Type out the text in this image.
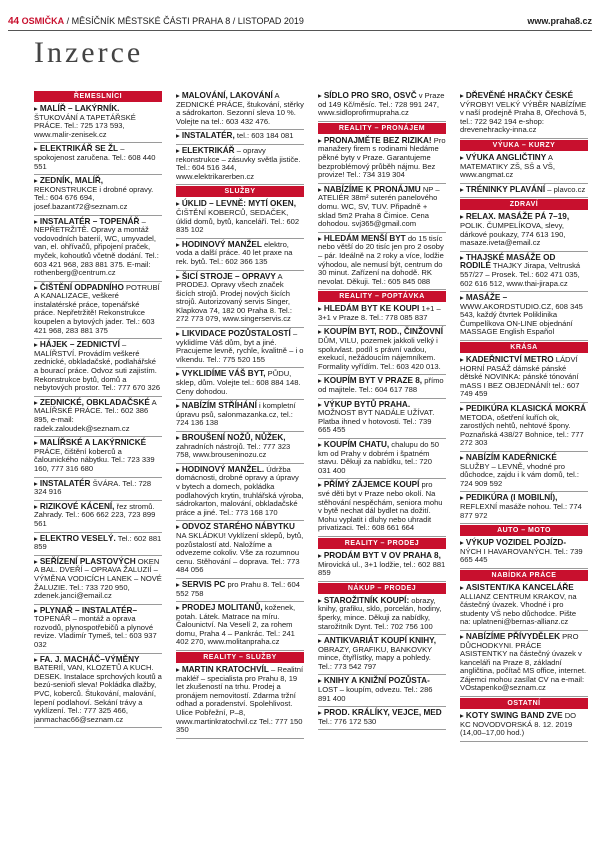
44 OSMIČKA / MĚSÍČNÍK MĚSTSKÉ ČÁSTI PRAHA 8 / LISTOPAD 2019	www.praha8.cz
Inzerce
ŘEMESLNÍCI
▸ MALÍŘ – LAKÝRNÍK. ŠTUKOVÁNÍ A TAPETÁŘSKÉ PRÁCE. Tel.: 725 173 593, www.malir-zenisek.cz
▸ ELEKTRIKÁŘ SE ŽL – spokojenost zaručena. Tel.: 608 440 551
▸ ZEDNÍK, MALÍŘ, REKONSTRUKCE i drobné opravy. Tel.: 604 676 694, josef.bazant72@seznam.cz
▸ INSTALATÉR – TOPENÁŘ – NEPŘETRŽITĚ. Opravy a montáž vodovodních baterií, WC, umyvadel, van, el. ohřívačů, připojení praček, myček, kohoutků včetně dodání. Tel.: 603 421 968, 283 881 375. E-mail: rothenberg@centrum.cz
▸ ČIŠTĚNÍ ODPADNÍHO POTRUBÍ A KANALIZACE, veškeré instalatérské práce, topenářské práce. Nepřetržitě! Rekonstrukce koupelen a bytových jader. Tel.: 603 421 968, 283 881 375
▸ HÁJEK – ZEDNICTVÍ – MALÍŘSTVÍ. Provádím veškeré zednické, obkladačské, podlahářské a bourací práce. Odvoz suti zajistím. Rekonstrukce bytů, domů a nebytových prostor. Tel.: 777 670 326
▸ ZEDNICKÉ, OBKLADAČSKÉ A MALÍŘSKÉ PRÁCE. Tel.: 602 386 895, e-mail: radek.zaloudek@seznam.cz
▸ MALÍŘSKÉ A LAKÝRNICKÉ PRÁCE, čištění koberců a čalounického nábytku. Tel.: 723 339 160, 777 316 680
▸ INSTALATÉR ŠVÁRA. Tel.: 728 324 916
▸ RIZIKOVÉ KÁCENÍ, řez stromů. Zahrady. Tel.: 606 662 223, 723 899 561
▸ ELEKTRO VESELÝ. Tel.: 602 881 859
▸ SEŘÍZENÍ PLASTOVÝCH OKEN A BAL. DVEŘÍ – OPRAVA ŽALUZIÍ – VÝMĚNA VODICÍCH LANEK – NOVÉ ŽALUZIE. Tel.: 733 720 950, zdenek.janci@email.cz
▸ PLYNAŘ – INSTALATÉR– TOPENÁŘ – montáž a oprava rozvodů, plynospotřebičů a plynové revize. Vladimír Tymeš, tel.: 603 937 032
▸ FA. J. MACHÁČ–VÝMĚNY BATERIÍ, VAN, KLOZETŮ A KUCH. DESEK. Instalace sprchových koutů a bezú-senioři sleva! Pokládka dlažby, PVC, koberců. Štukování, malování, lepení podlahoví. Sekání trávy a vyklízení. Tel.: 777 325 466, janmachac66@seznam.cz
▸ MALOVÁNÍ, LAKOVÁNÍ A ZEDNICKÉ PRÁCE, štukování, stěrky a sádrokarton. Sezonní sleva 10 %. Volejte na tel.: 603 432 476.
▸ INSTALATÉR, tel.: 603 184 081
▸ ELEKTRIKÁŘ – opravy rekonstrukce – zásuvky světla jističe. Tel.: 604 516 344, www.elektrikarerben.cz
SLUŽBY
▸ ÚKLID – LEVNĚ: MYTÍ OKEN, ČIŠTĚNÍ KOBERCŮ, SEDAČEK, úklid domů, bytů, kanceláří. Tel.: 602 835 102
▸ HODINOVÝ MANŽEL elektro, voda a další práce. 40 let praxe na rek. bytů. Tel.: 602 366 135
▸ ŠICÍ STROJE – OPRAVY A PRODEJ. Opravy všech značek šicích strojů. Prodej nových šicích strojů. Autorizovaný servis Singer, Klapkova 74, 182 00 Praha 8. Tel.: 272 773 079, www.singerservis.cz
▸ LIKVIDACE POZŮSTALOSTÍ – vyklidíme Váš dům, byt a jiné. Pracujeme levně, rychle, kvalitně – i o víkendu. Tel.: 775 520 155
▸ VYKLIDÍME VÁŠ BYT, PŮDU, sklep, dům. Volejte tel.: 608 884 148. Ceny dohodou.
▸ NABÍZÍM STŘÍHÁNÍ i kompletní úpravu psů, salonmazanka.cz, tel.: 724 136 138
▸ BROUŠENÍ NOŽŮ, NŮŽEK, zahradních nástrojů. Tel.: 777 323 758, www.brouseninozu.cz
▸ HODINOVÝ MANŽEL. Údržba domácnosti, drobné opravy a úpravy v bytech a domech, pokládka podlahových krytin, truhlářská výroba, sádrokarton, malování, obkladačské práce a jiné. Tel.: 773 168 170
▸ ODVOZ STARÉHO NÁBYTKU NA SKLÁDKU! Vyklízení sklepů, bytů, pozůstalostí atd. Naložíme a odvezeme cokoliv. Vše za rozumnou cenu. Stěhování – doprava. Tel.: 773 484 056
▸ SERVIS PC pro Prahu 8. Tel.: 604 552 758
▸ PRODEJ MOLITANŮ, koženek, potah. Látek. Matrace na míru. Čalounictví. Na Veselí 2, za rohem domu, Praha 4 – Pankrác. Tel.: 241 402 270, www.molitanpraha.cz
REALITY – SLUŽBY
▸ MARTIN KRATOCHVÍL – Realitní makléř – specialista pro Prahu 8, 19 let zkušeností na trhu. Prodej a pronájem nemovitostí. Zdarma tržní odhad a poradenství. Spolehlivost. Ulice Pobřežní, P–8, www.martinkratochvil.cz Tel.: 777 150 350
▸ SÍDLO PRO SRO, OSVČ v Praze od 149 Kč/měsíc. Tel.: 728 991 247, www.sidloprofirmupraha.cz
REALITY – PRONÁJEM
▸ PRONAJMĚTE BEZ RIZIKA! Pro manažery firem s rodinami hledáme pěkné byty v Praze. Garantujeme bezproblémový průběh nájmu. Bez provize! Tel.: 734 319 304
▸ NABÍZÍME K PRONÁJMU NP – ATELIÉR 38m² suterén panelového domu. WC, SV, TUV. Připadně + sklad 5m2 Praha 8 Čimice. Cena dohodou. svj365@gmail.com
▸ HLEDÁM MENŠÍ BYT do 15 tisíc nebo větší do 20 tisíc jen pro 2 osoby – pár. Ideálně na 2 roky a více, lodžie výhodou, ale nemusí být, centrum do 30 minut. Zařízení na dohodě. RK nevolat. Děkuji. Tel.: 605 845 088
REALITY – POPTÁVKA
▸ HLEDÁM BYT KE KOUPI 1+1 – 3+1 v Praze 8. Tel.: 778 085 837
▸ KOUPÍM BYT, ROD., ČINŽOVNÍ DŮM, VILU, pozemek jakkoli velký i spoluvlast. podíl s právní vadou, exekucí, nežádoucím nájemníkem. Formality vyřídím. Tel.: 603 420 013.
▸ KOUPÍM BYT V PRAZE 8, přímo od majitele. Tel.: 604 617 788
▸ VÝKUP BYTŮ PRAHA. MOŽNOST BYT NADÁLE UŽÍVAT. Platba ihned v hotovosti. Tel.: 739 665 455
▸ KOUPÍM CHATU, chalupu do 50 km od Prahy v dobrém i špatném stavu. Děkuji za nabídku, tel.: 720 031 400
▸ PŘÍMÝ ZÁJEMCE KOUPÍ pro své děti byt v Praze nebo okolí. Na stěhování nespěchám, seniora mohu v bytě nechat dál bydlet na dožití. Mohu vyplatit i dluhy nebo uhradit privatizaci. Tel.: 608 661 664
REALITY – PRODEJ
▸ PRODÁM BYT V OV PRAHA 8, Mirovická ul., 3+1 lodžie, tel.: 602 881 859
NÁKUP – PRODEJ
▸ STAROŽITNÍK KOUPÍ: obrazy, knihy, grafiku, sklo, porcelán, hodiny, šperky, mince. Děkuji za nabídky, starožitník Dynt. Tel.: 702 756 100
▸ ANTIKVARIÁT KOUPÍ KNIHY, OBRAZY, GRAFIKU, BANKOVKY mince, čtyřlístky, mapy a pohledy. Tel.: 773 542 797
▸ KNIHY A KNIŽNÍ POZŮSTA- LOST – koupím, odvezu. Tel.: 286 891 400
▸ PROD. KRÁLÍKY, VEJCE, MED Tel.: 776 172 530
▸ DŘEVĚNÉ HRAČKY ČESKÉ VÝROBY! VELKÝ VÝBĚR NABÍZÍME v naší prodejně Praha 8, Ořechová 5, tel.: 722 942 194 e-shop: drevenehracky-inna.cz
VÝUKA – KURZY
▸ VÝUKA ANGLIČTINY A MATEMATIKY ZŠ, SŠ a VŠ, www.angmat.cz
▸ TRÉNINKY PLAVÁNÍ – plavco.cz
ZDRAVÍ
▸ RELAX. MASÁŽE PÁ 7–19, POLIK. ČUMPELÍKOVA, slevy, dárkové poukazy, 774 613 190, masaze.iveta@email.cz
▸ THAJSKÉ MASÁŽE OD RODILÉ THAJKY Jirapa, Veltruská 557/27 – Prosek. Tel.: 602 471 035, 602 616 512, www.thai-jirapa.cz
▸ MASÁŽE – WWW.AKORDSTUDIO.CZ, 608 345 543, každý čtvrtek Poliklinika Čumpelíkova ON-LINE objednání MASSAGE English Español
KRÁSA
▸ KADEŘNICTVÍ METRO LÁDVÍ HORNÍ PASÁŽ dámské pánské dětské NOVINKA: pánské tónování mASS I BEZ OBJEDNÁNÍ! tel.: 607 749 459
▸ PEDIKÚRA KLASICKÁ MOKRÁ METODA, ošetření kuřích ok, zarostlých nehtů, nehtové špony. Poznaňská 438/27 Bohnice, tel.: 777 272 303
▸ NABÍZÍM KADEŘNICKÉ SLUŽBY – LEVNĚ, vhodné pro důchodce, zajdu i k vám domů, tel.: 724 909 592
▸ PEDIKÚRA (I MOBILNÍ), REFLEXNÍ masáže nohou. Tel.: 774 877 972
AUTO – MOTO
▸ VÝKUP VOZIDEL POJÍZD- NÝCH I HAVAROVANÝCH. Tel.: 739 665 445
NABÍDKA PRÁCE
▸ ASISTENT/KA KANCELÁŘE ALLIANZ CENTRUM KRAKOV, na částečný úvazek. Vhodné i pro studenty VŠ nebo důchodce. Pište na: uplatneni@bernas-allianz.cz
▸ NABÍZÍME PŘÍVYDĚLEK PRO DŮCHODKYNI. PRÁCE ASISTENTKY na částečný úvazek v kanceláři na Praze 8, základní angličtina, počítač MS office, internet. Zájemci mohou zasílat CV na e-mail: VOstapenko@seznam.cz
OSTATNÍ
▸ KOTY SWING BAND ZVE DO KC NOVODVORSKÁ 8. 12. 2019 (14,00–17,00 hod.)
